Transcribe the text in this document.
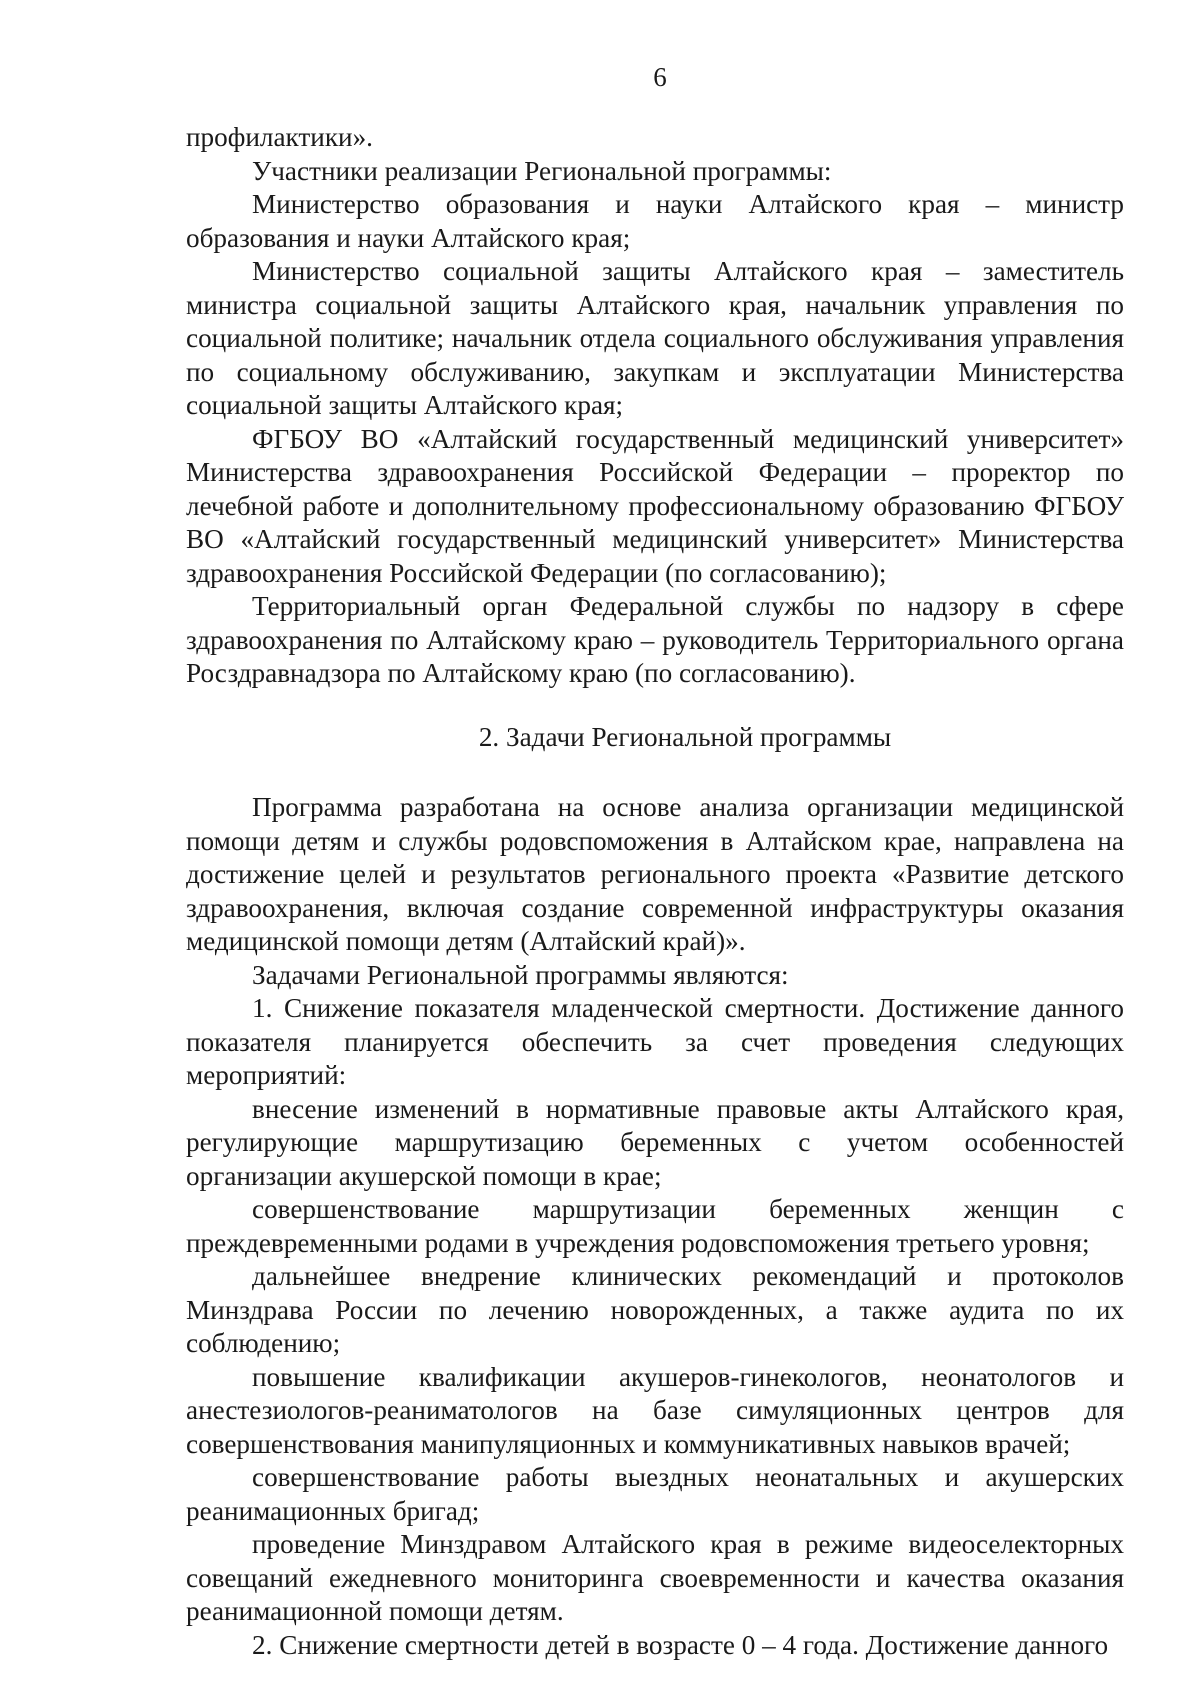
6

профилактики».

Участники реализации Региональной программы:

Министерство образования и науки Алтайского края – министр образования и науки Алтайского края;

Министерство социальной защиты Алтайского края – заместитель министра социальной защиты Алтайского края, начальник управления по социальной политике; начальник отдела социального обслуживания управления по социальному обслуживанию, закупкам и эксплуатации Министерства социальной защиты Алтайского края;

ФГБОУ ВО «Алтайский государственный медицинский университет» Министерства здравоохранения Российской Федерации – проректор по лечебной работе и дополнительному профессиональному образованию ФГБОУ ВО «Алтайский государственный медицинский университет» Министерства здравоохранения Российской Федерации (по согласованию);

Территориальный орган Федеральной службы по надзору в сфере здравоохранения по Алтайскому краю – руководитель Территориального органа Росздравнадзора по Алтайскому краю (по согласованию).

2. Задачи Региональной программы

Программа разработана на основе анализа организации медицинской помощи детям и службы родовспоможения в Алтайском крае, направлена на достижение целей и результатов регионального проекта «Развитие детского здравоохранения, включая создание современной инфраструктуры оказания медицинской помощи детям (Алтайский край)».

Задачами Региональной программы являются:

1. Снижение показателя младенческой смертности. Достижение данного показателя планируется обеспечить за счет проведения следующих мероприятий:

внесение изменений в нормативные правовые акты Алтайского края, регулирующие маршрутизацию беременных с учетом особенностей организации акушерской помощи в крае;

совершенствование маршрутизации беременных женщин с преждевременными родами в учреждения родовспоможения третьего уровня;

дальнейшее внедрение клинических рекомендаций и протоколов Минздрава России по лечению новорожденных, а также аудита по их соблюдению;

повышение квалификации акушеров-гинекологов, неонатологов и анестезиологов-реаниматологов на базе симуляционных центров для совершенствования манипуляционных и коммуникативных навыков врачей;

совершенствование работы выездных неонатальных и акушерских реанимационных бригад;

проведение Минздравом Алтайского края в режиме видеоселекторных совещаний ежедневного мониторинга своевременности и качества оказания реанимационной помощи детям.

2. Снижение смертности детей в возрасте 0 – 4 года. Достижение данного
